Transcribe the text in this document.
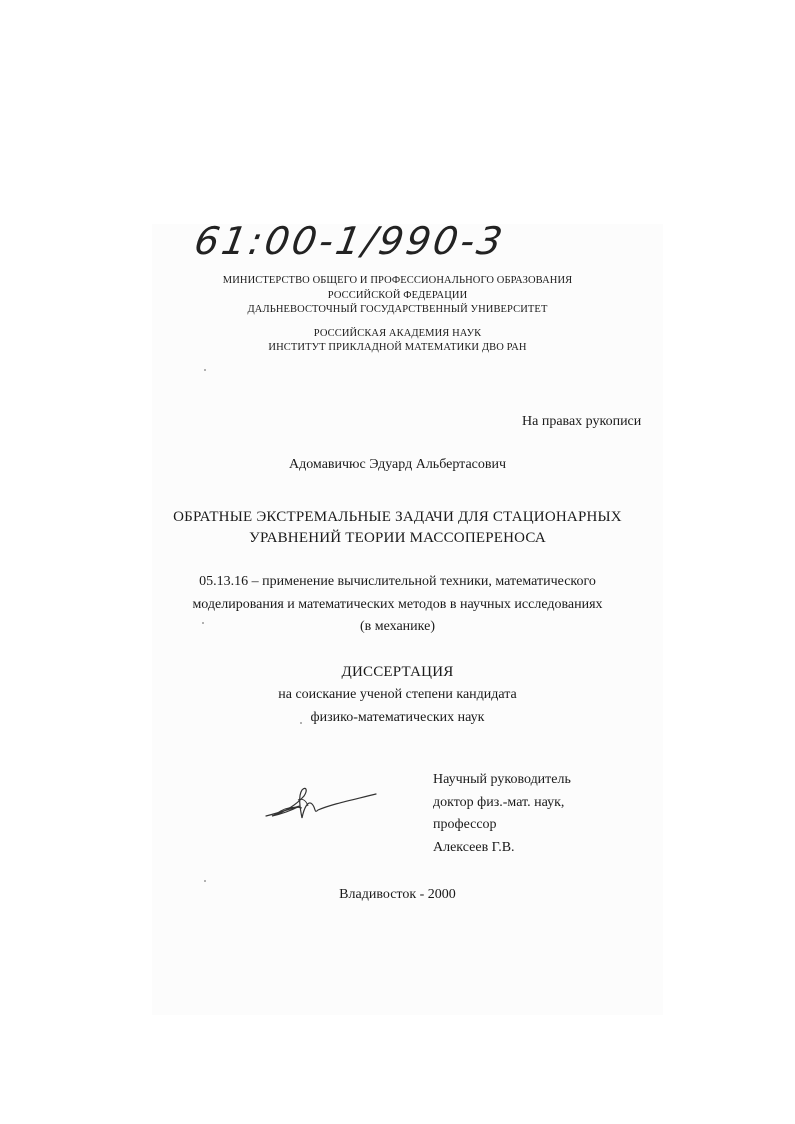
61:00-1/990-3
МИНИСТЕРСТВО ОБЩЕГО И ПРОФЕССИОНАЛЬНОГО ОБРАЗОВАНИЯ
РОССИЙСКОЙ ФЕДЕРАЦИИ
ДАЛЬНЕВОСТОЧНЫЙ ГОСУДАРСТВЕННЫЙ УНИВЕРСИТЕТ
РОССИЙСКАЯ АКАДЕМИЯ НАУК
ИНСТИТУТ ПРИКЛАДНОЙ МАТЕМАТИКИ ДВО РАН
На правах рукописи
Адомавичюс Эдуард Альбертасович
ОБРАТНЫЕ ЭКСТРЕМАЛЬНЫЕ ЗАДАЧИ ДЛЯ СТАЦИОНАРНЫХ
УРАВНЕНИЙ ТЕОРИИ МАССОПЕРЕНОСА
05.13.16 – применение вычислительной техники, математического
моделирования и математических методов в научных исследованиях
(в механике)
ДИССЕРТАЦИЯ
на соискание ученой степени кандидата
физико-математических наук
Научный руководитель
доктор физ.-мат. наук,
профессор
Алексеев Г.В.
Владивосток - 2000
